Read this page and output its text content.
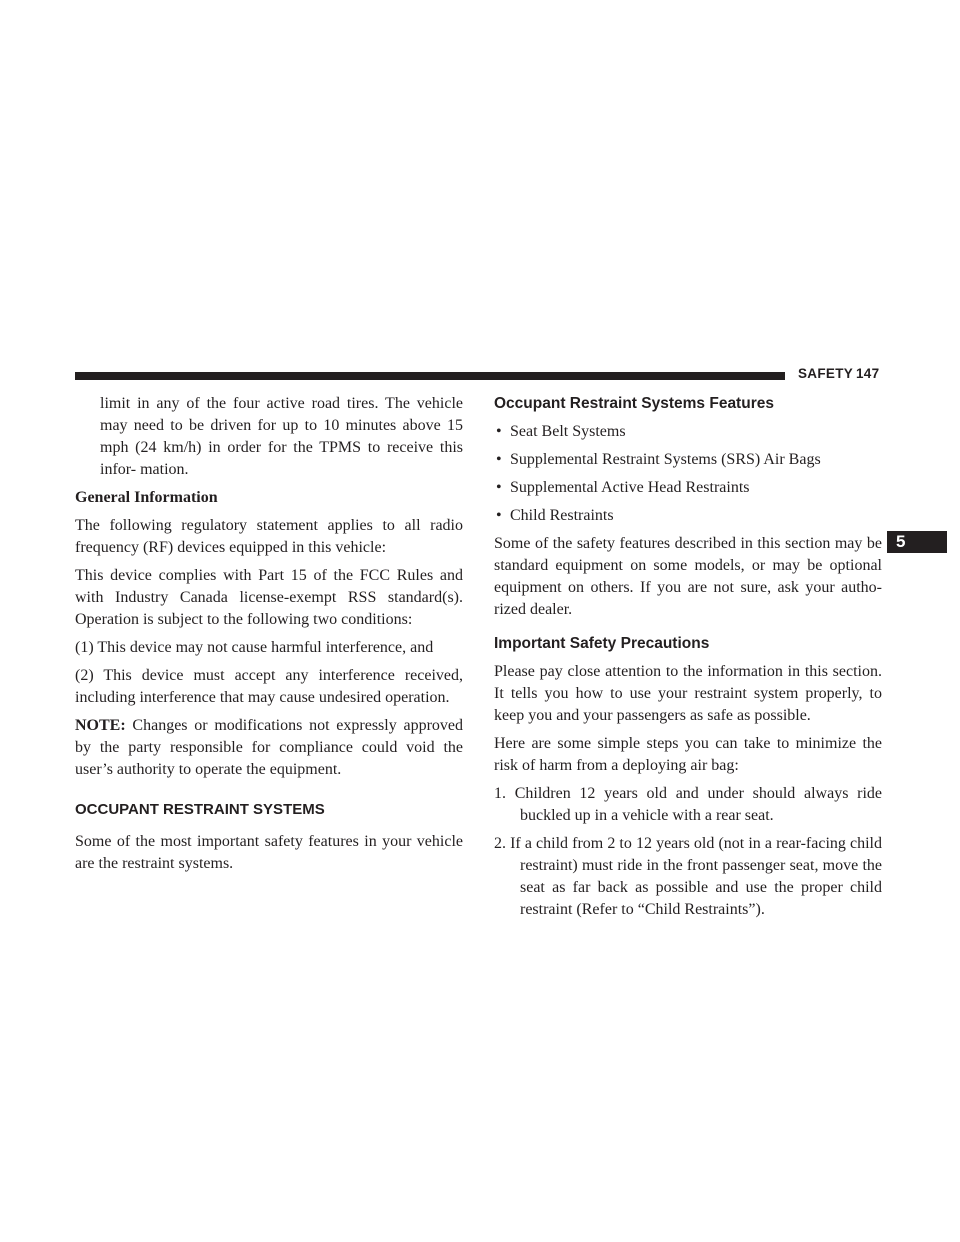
SAFETY 147
5

limit in any of the four active road tires. The vehicle may need to be driven for up to 10 minutes above 15 mph (24 km/h) in order for the TPMS to receive this infor- mation.

General Information

The following regulatory statement applies to all radio frequency (RF) devices equipped in this vehicle:

This device complies with Part 15 of the FCC Rules and with Industry Canada license-exempt RSS standard(s). Operation is subject to the following two conditions:

(1) This device may not cause harmful interference, and

(2) This device must accept any interference received, including interference that may cause undesired operation.

NOTE: Changes or modifications not expressly approved by the party responsible for compliance could void the user’s authority to operate the equipment.

OCCUPANT RESTRAINT SYSTEMS

Some of the most important safety features in your vehicle are the restraint systems.

Occupant Restraint Systems Features
• Seat Belt Systems
• Supplemental Restraint Systems (SRS) Air Bags
• Supplemental Active Head Restraints
• Child Restraints

Some of the safety features described in this section may be standard equipment on some models, or may be optional equipment on others. If you are not sure, ask your autho- rized dealer.

Important Safety Precautions

Please pay close attention to the information in this section. It tells you how to use your restraint system properly, to keep you and your passengers as safe as possible.

Here are some simple steps you can take to minimize the risk of harm from a deploying air bag:

1. Children 12 years old and under should always ride buckled up in a vehicle with a rear seat.
2. If a child from 2 to 12 years old (not in a rear-facing child restraint) must ride in the front passenger seat, move the seat as far back as possible and use the proper child restraint (Refer to “Child Restraints”).
